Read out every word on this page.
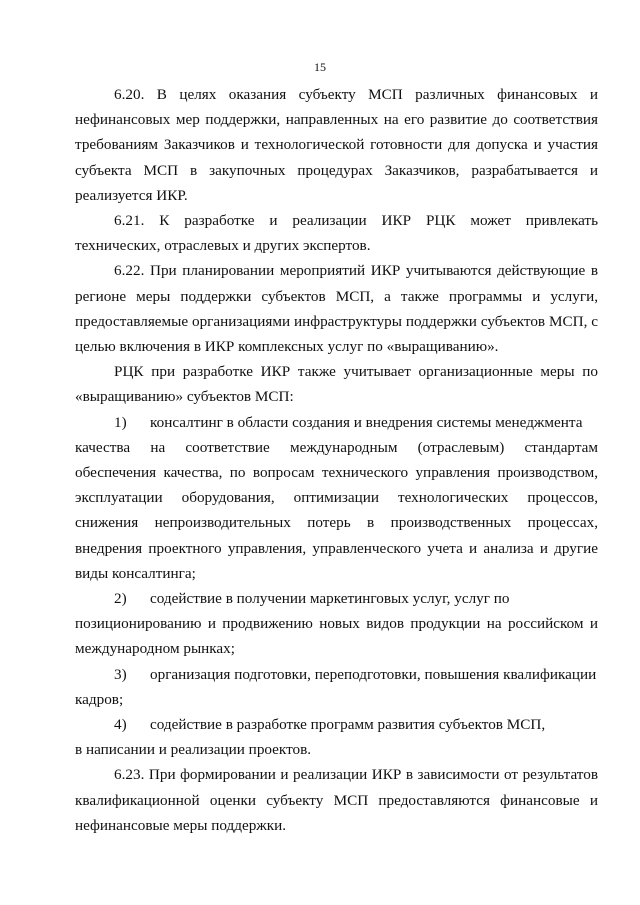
15

6.20. В целях оказания субъекту МСП различных финансовых и нефинансовых мер поддержки, направленных на его развитие до соответствия требованиям Заказчиков и технологической готовности для допуска и участия субъекта МСП в закупочных процедурах Заказчиков, разрабатывается и реализуется ИКР.

6.21. К разработке и реализации ИКР РЦК может привлекать технических, отраслевых и других экспертов.

6.22. При планировании мероприятий ИКР учитываются действующие в регионе меры поддержки субъектов МСП, а также программы и услуги, предоставляемые организациями инфраструктуры поддержки субъектов МСП, с целью включения в ИКР комплексных услуг по «выращиванию».

РЦК при разработке ИКР также учитывает организационные меры по «выращиванию» субъектов МСП:

1)	консалтинг в области создания и внедрения системы менеджмента

качества на соответствие международным (отраслевым) стандартам обеспечения качества, по вопросам технического управления производством, эксплуатации оборудования, оптимизации технологических процессов, снижения непроизводительных потерь в производственных процессах, внедрения проектного управления, управленческого учета и анализа и другие виды консалтинга;

2)	содействие в получении маркетинговых услуг, услуг по

позиционированию и продвижению новых видов продукции на российском и международном рынках;

3)	организация подготовки, переподготовки, повышения квалификации

кадров;

4)	содействие в разработке программ развития субъектов МСП,

в написании и реализации проектов.

6.23. При формировании и реализации ИКР в зависимости от результатов квалификационной оценки субъекту МСП предоставляются финансовые и нефинансовые меры поддержки.
